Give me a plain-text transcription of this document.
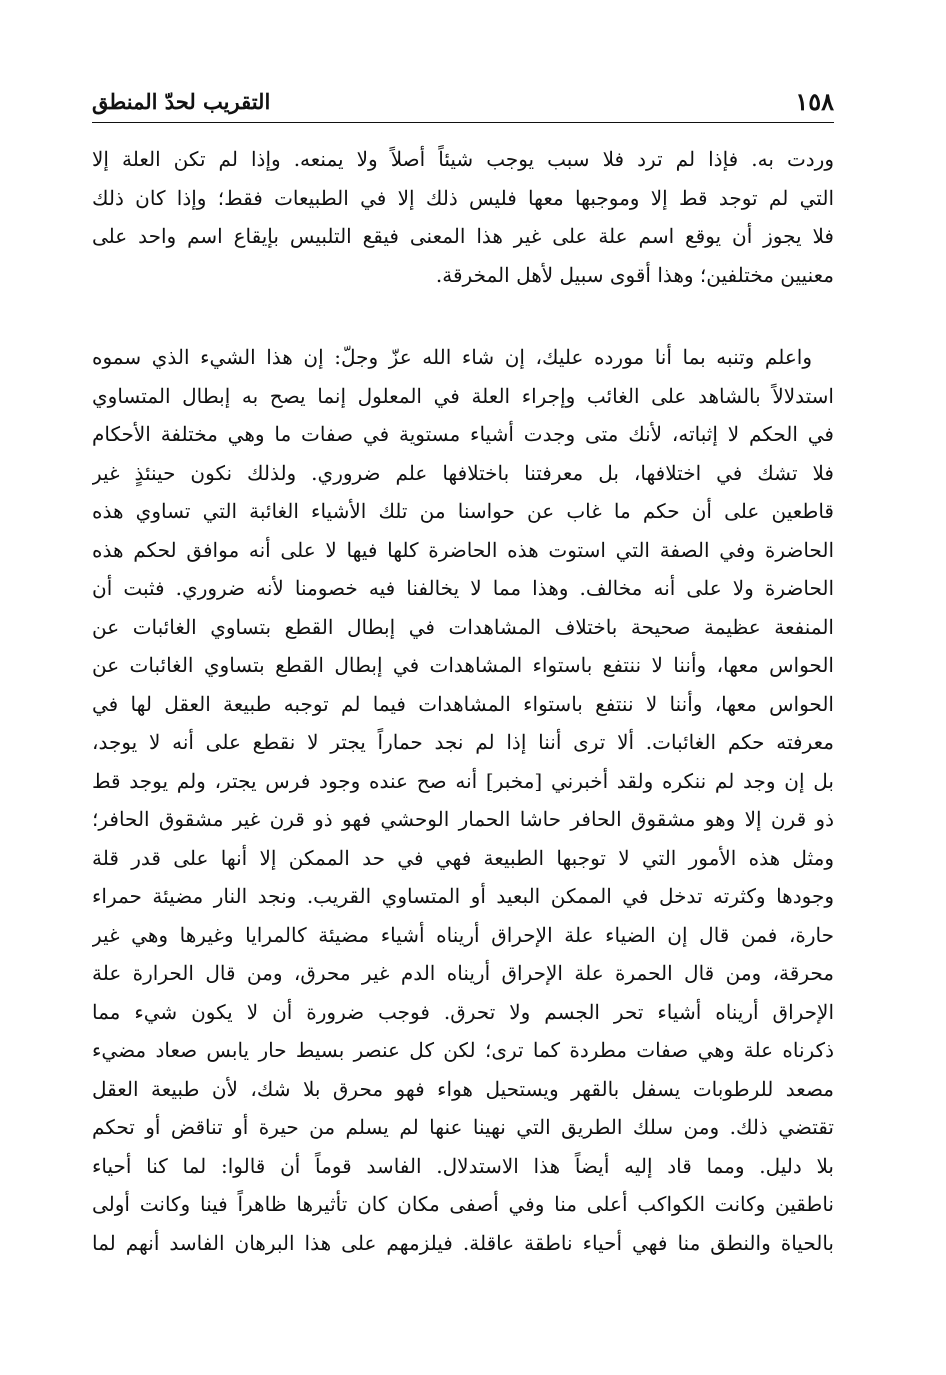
١٥٨
التقريب لحدّ المنطق
وردت به. فإذا لم ترد فلا سبب يوجب شيئاً أصلاً ولا يمنعه. وإذا لم تكن العلة إلا
التي لم توجد قط إلا وموجبها معها فليس ذلك إلا في الطبيعات فقط؛ وإذا كان ذلك
فلا يجوز أن يوقع اسم علة على غير هذا المعنى فيقع التلبيس بإيقاع اسم واحد على
معنيين مختلفين؛ وهذا أقوى سبيل لأهل المخرقة.
واعلم وتنبه بما أنا مورده عليك، إن شاء الله عزّ وجلّ: إن هذا الشيء الذي سموه
استدلالاً بالشاهد على الغائب وإجراء العلة في المعلول إنما يصح به إبطال المتساوي
في الحكم لا إثباته، لأنك متى وجدت أشياء مستوية في صفات ما وهي مختلفة الأحكام
فلا تشك في اختلافها، بل معرفتنا باختلافها علم ضروري. ولذلك نكون حينئذٍ غير
قاطعين على أن حكم ما غاب عن حواسنا من تلك الأشياء الغائبة التي تساوي هذه
الحاضرة وفي الصفة التي استوت هذه الحاضرة كلها فيها لا على أنه موافق لحكم هذه
الحاضرة ولا على أنه مخالف. وهذا مما لا يخالفنا فيه خصومنا لأنه ضروري. فثبت أن
المنفعة عظيمة صحيحة باختلاف المشاهدات في إبطال القطع بتساوي الغائبات عن
الحواس معها، وأننا لا ننتفع باستواء المشاهدات في إبطال القطع بتساوي الغائبات عن
الحواس معها، وأننا لا ننتفع باستواء المشاهدات فيما لم توجبه طبيعة العقل لها في
معرفته حكم الغائبات. ألا ترى أننا إذا لم نجد حماراً يجتر لا نقطع على أنه لا يوجد،
بل إن وجد لم ننكره ولقد أخبرني [مخبر] أنه صح عنده وجود فرس يجتر، ولم يوجد قط
ذو قرن إلا وهو مشقوق الحافر حاشا الحمار الوحشي فهو ذو قرن غير مشقوق الحافر؛
ومثل هذه الأمور التي لا توجبها الطبيعة فهي في حد الممكن إلا أنها على قدر قلة
وجودها وكثرته تدخل في الممكن البعيد أو المتساوي القريب. ونجد النار مضيئة حمراء
حارة، فمن قال إن الضياء علة الإحراق أريناه أشياء مضيئة كالمرايا وغيرها وهي غير
محرقة، ومن قال الحمرة علة الإحراق أريناه الدم غير محرق، ومن قال الحرارة علة
الإحراق أريناه أشياء تحر الجسم ولا تحرق. فوجب ضرورة أن لا يكون شيء مما
ذكرناه علة وهي صفات مطردة كما ترى؛ لكن كل عنصر بسيط حار يابس صعاد مضيء
مصعد للرطوبات يسفل بالقهر ويستحيل هواء فهو محرق بلا شك، لأن طبيعة العقل
تقتضي ذلك. ومن سلك الطريق التي نهينا عنها لم يسلم من حيرة أو تناقض أو تحكم
بلا دليل. ومما قاد إليه أيضاً هذا الاستدلال. الفاسد قوماً أن قالوا: لما كنا أحياء
ناطقين وكانت الكواكب أعلى منا وفي أصفى مكان كان تأثيرها ظاهراً فينا وكانت أولى
بالحياة والنطق منا فهي أحياء ناطقة عاقلة. فيلزمهم على هذا البرهان الفاسد أنهم لما
